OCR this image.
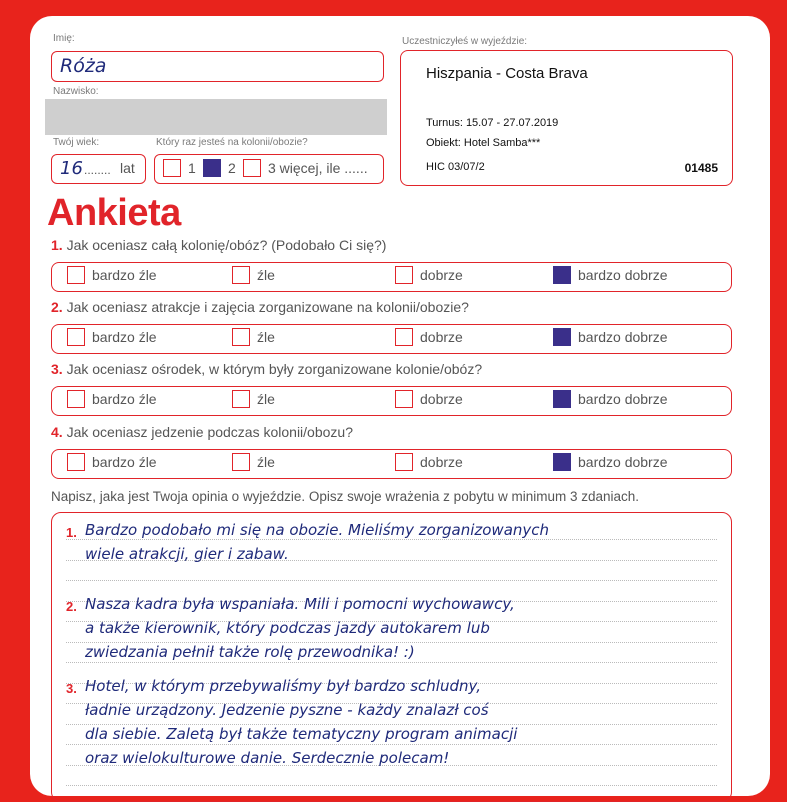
Imię:
Róża
Nazwisko:
Twój wiek:
16 ........ lat
Który raz jesteś na kolonii/obozie?
1 2 3 więcej, ile ......
Uczestniczyłeś w wyjeździe:
Hiszpania - Costa Brava
Turnus: 15.07 - 27.07.2019
Obiekt: Hotel Samba***
HIC 03/07/2	01485
Ankieta
1. Jak oceniasz całą kolonię/obóz? (Podobało Ci się?)
bardzo źle	źle	dobrze	bardzo dobrze
2. Jak oceniasz atrakcje i zajęcia zorganizowane na kolonii/obozie?
bardzo źle	źle	dobrze	bardzo dobrze
3. Jak oceniasz ośrodek, w którym były zorganizowane kolonie/obóz?
bardzo źle	źle	dobrze	bardzo dobrze
4. Jak oceniasz jedzenie podczas kolonii/obozu?
bardzo źle	źle	dobrze	bardzo dobrze
Napisz, jaka jest Twoja opinia o wyjeździe. Opisz swoje wrażenia z pobytu w minimum 3 zdaniach.
1. Bardzo podobało mi się na obozie. Mieliśmy zorganizowanych
wiele atrakcji, gier i zabaw.
2. Nasza kadra była wspaniała. Mili i pomocni wychowawcy,
a także kierownik, który podczas jazdy autokarem lub
zwiedzania pełnił także rolę przewodnika! :)
3. Hotel, w którym przebywaliśmy był bardzo schludny,
ładnie urządzony. Jedzenie pyszne - każdy znalazł coś
dla siebie. Zaletą był także tematyczny program animacji
oraz wielokulturowe danie. Serdecznie polecam!
